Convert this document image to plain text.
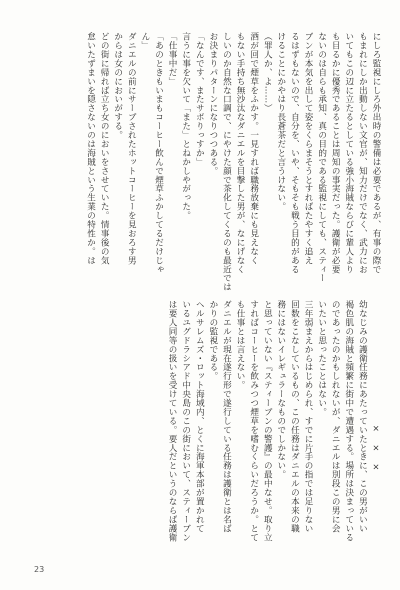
にしろ監視にしろ外出時の警備は必要であるが、有事の際で

もまれにしか出動しない文官が、知力だけでなく、武力にお

いてもこの辺に立たるとしている強小海賊ならびに輩人より

も目るかに優秀であることは周知の事実だった。護衛が必要

ないのは自らも承知、真の目的である監視にしても、スティー

ブンが本気を出して姿をくらまそうとすればたやすく追え

るはずもないので、自分を、いや、そもそも戦う目的がある

けることにかやはり長蒼茶だと言うけない。

（罪人か、よ……）

酒が回で煙草をふかす。一見すれば職務放棄にも見えなく

もない手持ち無沙汰なダニエルを目撃した男が、なにげなく

しいのか自然な口調で、にやけた顔で茶化してくるのも最近では

お決まりパターンになりつつある。

「なんです、またサボりっすか」

言うに事を欠いて「また」とねかしやがった。

「仕事中だ」

「あのときもいまもコーヒー飲んで煙草ふかしてるだけじゃ

ん」

ダニエルの前にサーブされたホットコーヒーを見おろす男

からは女のにおいがする。

どの街に帰れば立ち女のにおいをさせていた。情事後の気

怠いたずまいを隠さないのは海賊という生業の特性か。は

×　×　×

幼なじみの護衛任務にあたっていたときに、この男がいい

褐色肌の海賊と頻繁に街中で遭遇する。場所は決まっている

のであったのかもしれないが、ダニエルは別段この男に会

いたいと思ったことはない。

三年弱まえからはじめられ、すでに片手の指では足りない

回数をこなしているもの、この任務はダニエルの本来の職

務にはないイレギュラーなものでしかない。

と思っていない『スティーブンの警護』の最中なせ。取り立

すればコーヒーを飲みつつ煙草を嗜むくらいだろうか。とて

も仕事とは言えない。

ダニエルが現在遂行形で遂行している任務は護衛とは名ば

かりの監視である。

ヘルサレムズ・ロット海域内、とくに海軍本部が置かれて

いるユグドラシアド中央島のこの街において、スティーブン

は要人同等の扱いを受けている。要人だというのならば護衛

23
